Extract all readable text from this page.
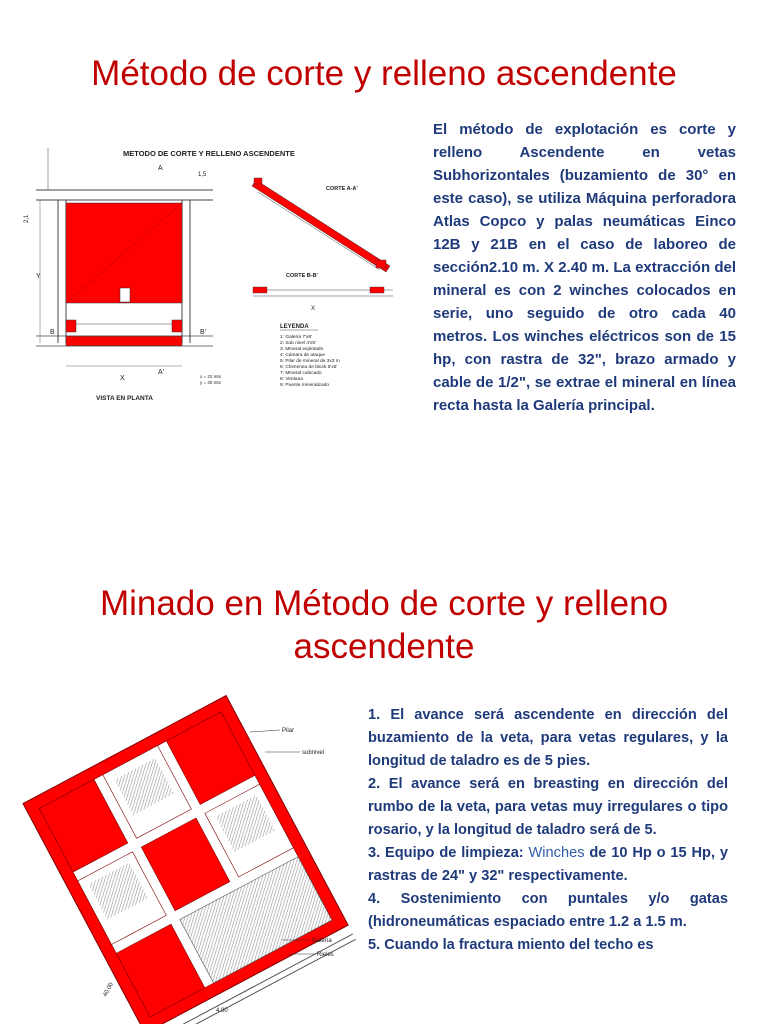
Método de corte y relleno ascendente

El método de explotación es corte y relleno Ascendente en vetas Subhorizontales (buzamiento de 30° en este caso), se utiliza Máquina perforadora Atlas Copco y palas neumáticas Einco 12B y 21B en el caso de laboreo de sección2.10 m. X 2.40 m. La extracción del mineral es con 2 winches colocados en serie, uno seguido de otro cada 40 metros. Los winches eléctricos son de 15 hp, con rastra de 32", brazo armado y cable de 1/2", se extrae el mineral en línea recta hasta la Galería principal.

METODO DE CORTE Y RELLENO ASCENDENTE
Y
X
2,1
A
A'
B	B'
1,5
VISTA EN PLANTA
x = 22 mts
y = 30 mts
CORTE A-A'
CORTE B-B'
X
LEYENDA
1: Galería 7'x8'
2: Sub nivel 4'x5'
3: Mineral explotado
4: Cámara de ataque
5: Pilar de mineral de 3x3 m
6: Chimenea de block 5'x5'
7: Mineral cubicado
8: Ventana
9: Puente mineralizado
Minado en Método de corte y relleno
ascendente

1. El avance será ascendente en dirección del buzamiento de la veta, para vetas regulares, y la longitud de taladro es de 5 pies.

2. El avance será en breasting en dirección del rumbo de la veta, para vetas muy irregulares o tipo rosario, y la longitud de taladro será de 5.

3. Equipo de limpieza: Winches de 10 Hp o 15 Hp, y rastras de 24" y 32" respectivamente.

4. Sostenimiento con puntales y/o gatas (hidroneumáticas espaciado entre 1.2 a 1.5 m.

5. Cuando la fractura miento del techo es

Pilar
subnivel
Galería
Rieles
40.00
4.00
